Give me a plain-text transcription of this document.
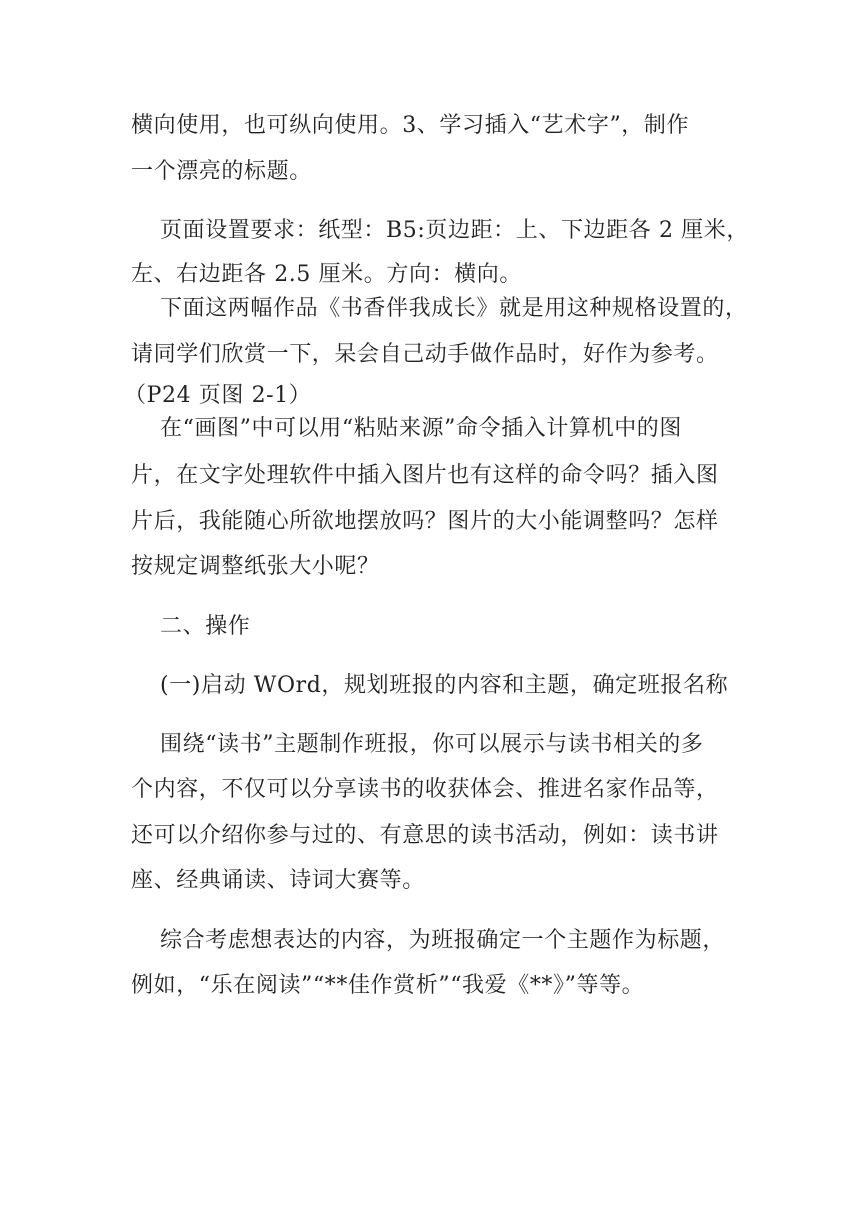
横向使用，也可纵向使用。3、学习插入“艺术字”，制作

一个漂亮的标题。

页面设置要求：纸型：B5:页边距：上、下边距各 2 厘米，

左、右边距各 2.5 厘米。方向：横向。

下面这两幅作品《书香伴我成长》就是用这种规格设置的，

请同学们欣赏一下，呆会自己动手做作品时，好作为参考。

（P24 页图 2-1）

在“画图”中可以用“粘贴来源”命令插入计算机中的图

片，在文字处理软件中插入图片也有这样的命令吗？插入图

片后，我能随心所欲地摆放吗？图片的大小能调整吗？怎样

按规定调整纸张大小呢？

二、操作

(一)启动 WOrd，规划班报的内容和主题，确定班报名称

围绕“读书”主题制作班报，你可以展示与读书相关的多

个内容，不仅可以分享读书的收获体会、推进名家作品等，

还可以介绍你参与过的、有意思的读书活动，例如：读书讲

座、经典诵读、诗词大赛等。

综合考虑想表达的内容，为班报确定一个主题作为标题，

例如，“乐在阅读”“**佳作赏析”“我爱《**》”等等。
